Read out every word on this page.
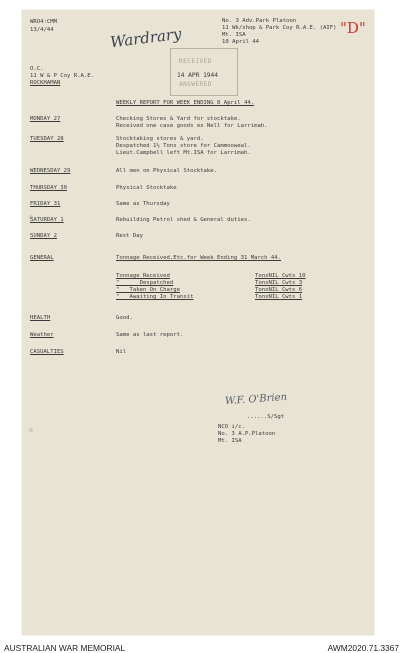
WRO4:CMM
13/4/44	Wardrary
No. 3 Adv.Park Platoon
11 Wk/shop & Park Coy R.A.E. (AIF)
Mt. ISA
10 April 44
"D"
RECEIVED
14 APR 1944
ANSWERED
O.C.
11 W & P Coy R.A.E.
ROCKHAMAN
WEEKLY REPORT FOR WEEK ENDING 8 April 44.
MONDAY 27	Checking Stores & Yard for stocktake.
Received one case goods ex Nell for Larrimah.
TUESDAY 28	Stocktaking stores & yard.
Despatched 1½ Tons store for Cammooweal.
Lieut.Campbell left Mt.ISA for Larrimah.
WEDNESDAY 29	All men on Physical Stocktake.
THURSDAY 30	Physical Stocktake
FRIDAY 31	Same as Thursday
SATURDAY 1	Rebuilding Petrol shed & General duties.
SUNDAY 2	Rest Day
GENERAL	Tonnage Received,Etc.for Week Ending 31 March 44.
Tonnage Received	TonsNIL Cwts 10
"      Despatched	TonsNIL Cwts 3
"   Taken On Charge	TonsNIL Cwts 6
"   Awaiting In Transit	TonsNIL Cwts 1
HEALTH	Good.
Weather	Same as last report.
CASUALTIES	Nil
W.F. O'Brien
......S/Sgt
NCO i/c.
No. 3 A.P.Platoon
Mt. ISA
AUSTRALIAN WAR MEMORIAL	AWM2020.71.3367
